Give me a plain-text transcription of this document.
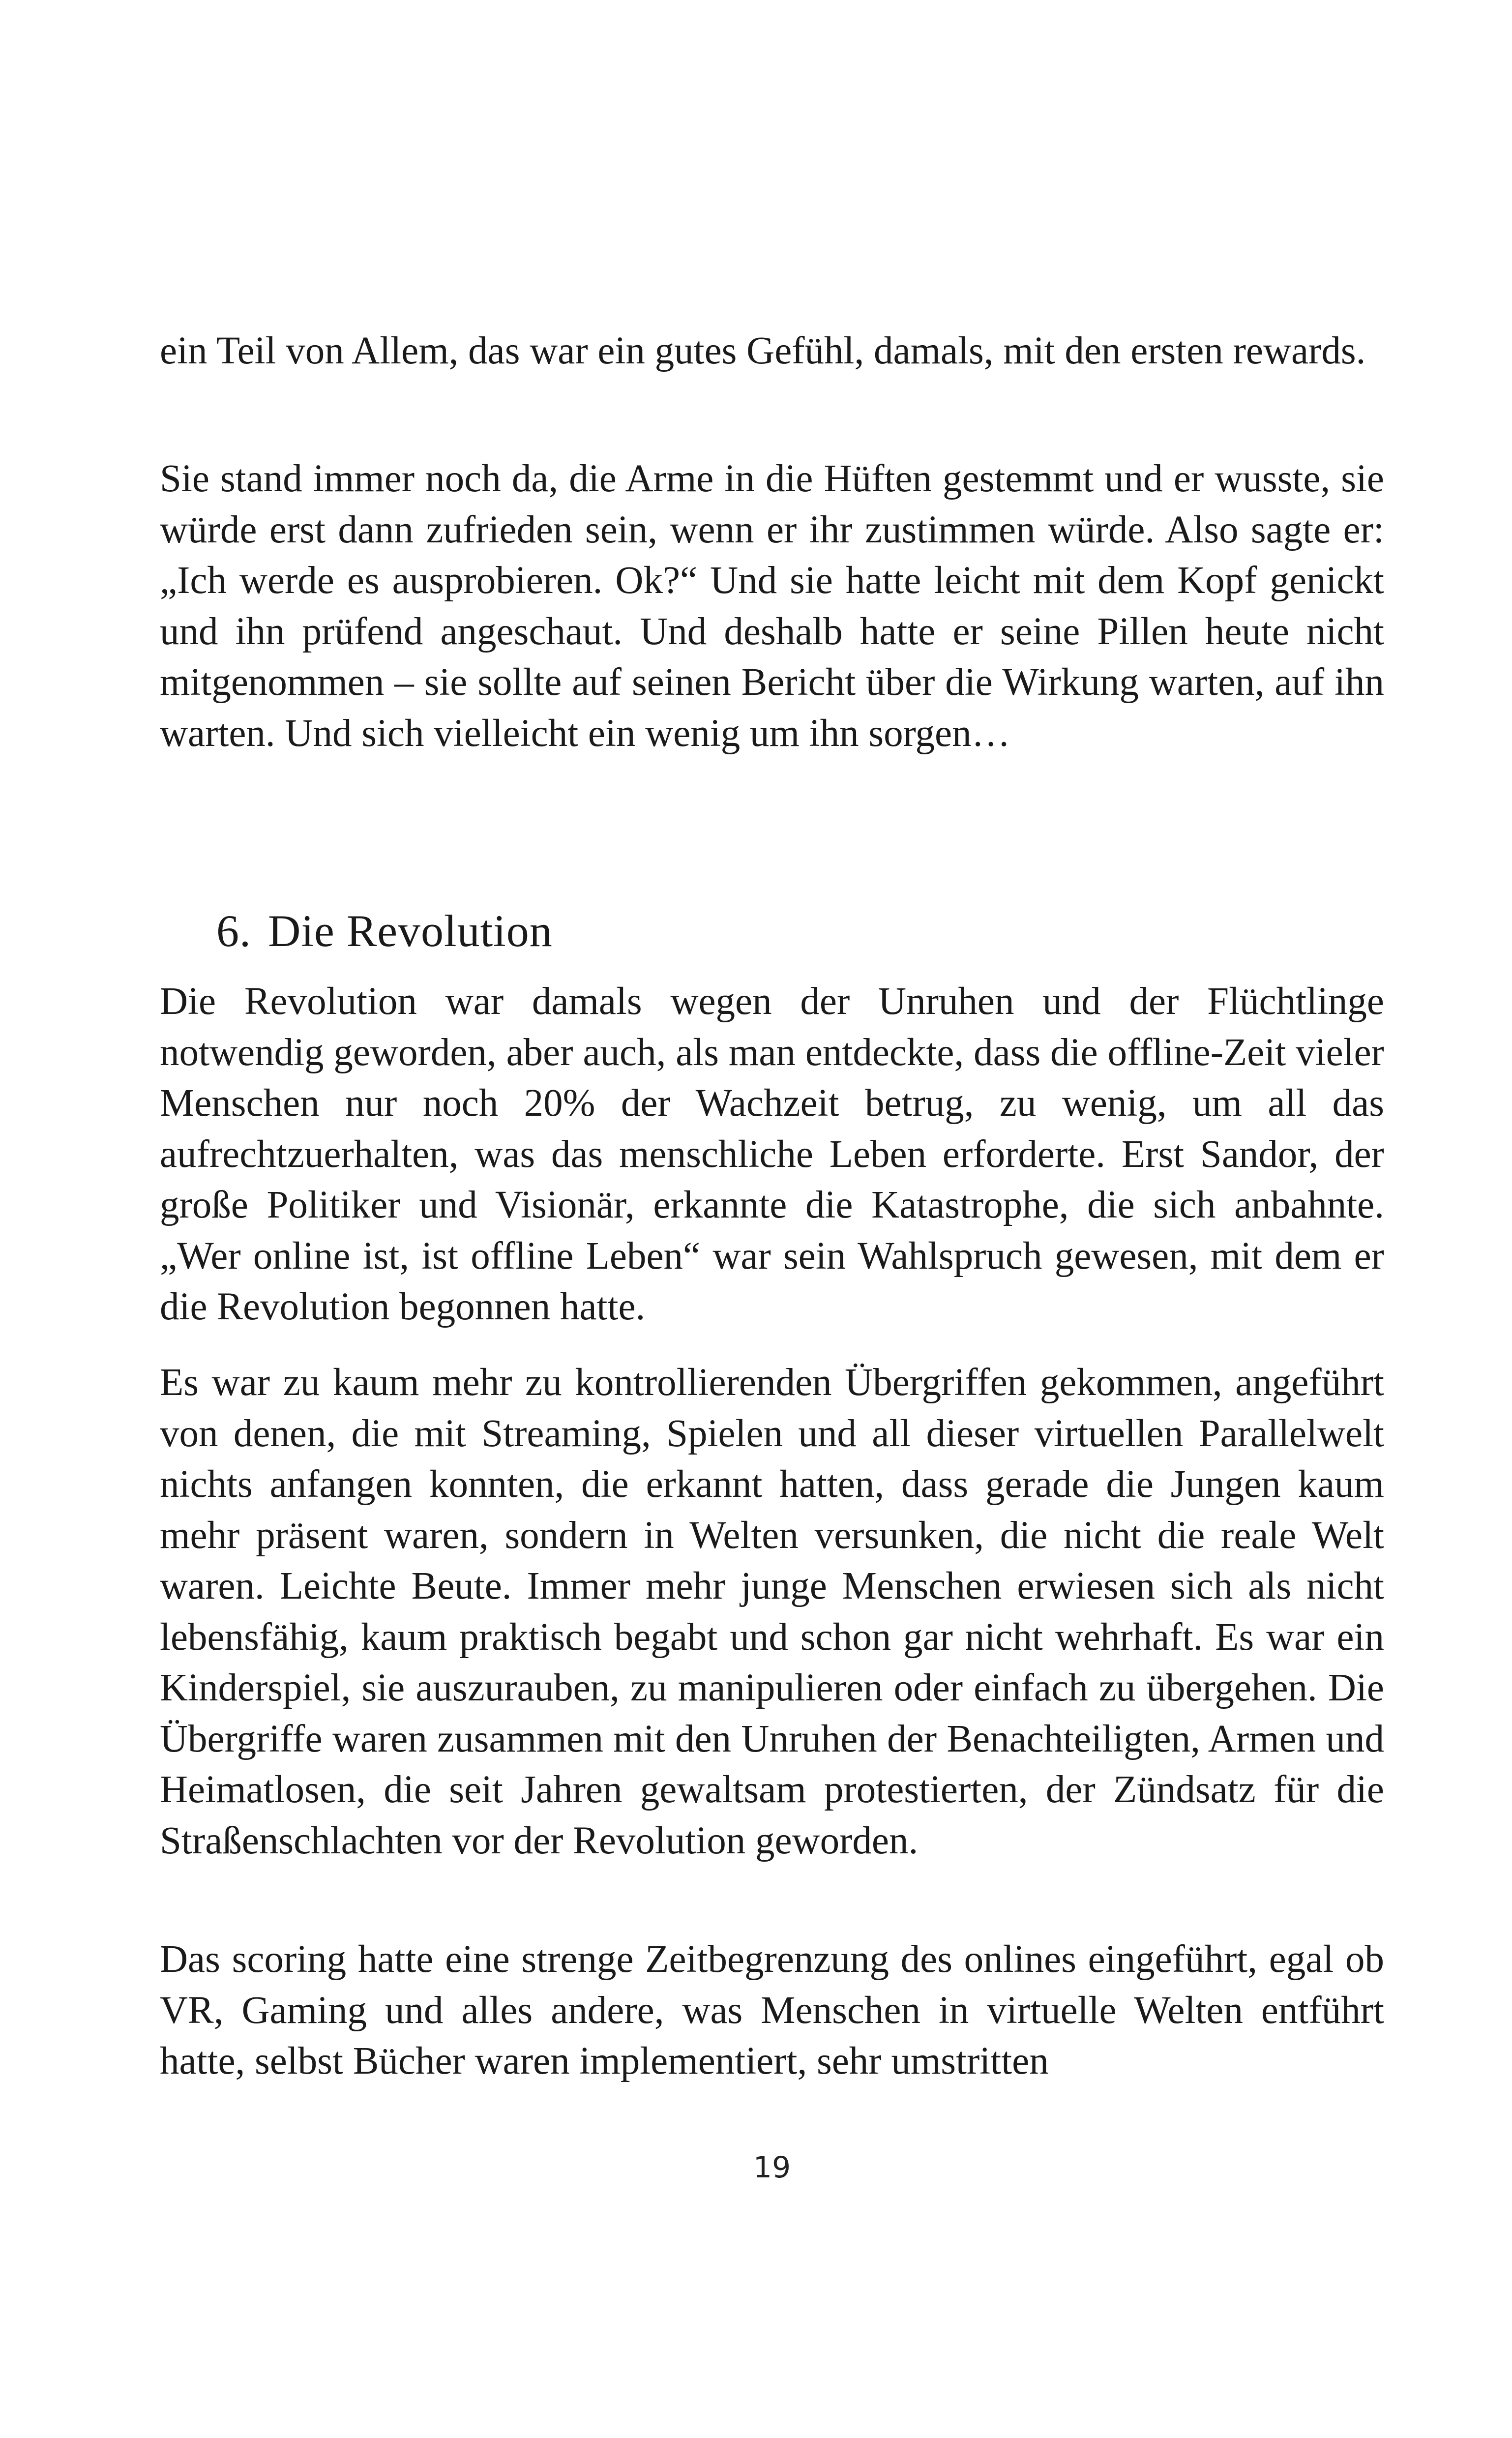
ein Teil von Allem, das war ein gutes Gefühl, damals, mit den ersten rewards.

Sie stand immer noch da, die Arme in die Hüften gestemmt und er wusste, sie würde erst dann zufrieden sein, wenn er ihr zustimmen würde. Also sagte er: „Ich werde es ausprobieren. Ok?“ Und sie hatte leicht mit dem Kopf genickt und ihn prüfend angeschaut. Und deshalb hatte er seine Pillen heute nicht mitgenommen – sie sollte auf seinen Bericht über die Wirkung warten, auf ihn warten. Und sich vielleicht ein wenig um ihn sorgen…

6. Die Revolution

Die Revolution war damals wegen der Unruhen und der Flüchtlinge notwendig geworden, aber auch, als man entdeckte, dass die offline-Zeit vieler Menschen nur noch 20% der Wachzeit betrug, zu wenig, um all das aufrechtzuerhalten, was das menschliche Leben erforderte. Erst Sandor, der große Politiker und Visionär, erkannte die Katastrophe, die sich anbahnte. „Wer online ist, ist offline Leben“ war sein Wahlspruch gewesen, mit dem er die Revolution begonnen hatte.

Es war zu kaum mehr zu kontrollierenden Übergriffen gekommen, angeführt von denen, die mit Streaming, Spielen und all dieser virtuellen Parallelwelt nichts anfangen konnten, die erkannt hatten, dass gerade die Jungen kaum mehr präsent waren, sondern in Welten versunken, die nicht die reale Welt waren. Leichte Beute. Immer mehr junge Menschen erwiesen sich als nicht lebensfähig, kaum praktisch begabt und schon gar nicht wehrhaft. Es war ein Kinderspiel, sie auszurauben, zu manipulieren oder einfach zu übergehen. Die Übergriffe waren zusammen mit den Unruhen der Benachteiligten, Armen und Heimatlosen, die seit Jahren gewaltsam protestierten, der Zündsatz für die Straßenschlachten vor der Revolution geworden.

Das scoring hatte eine strenge Zeitbegrenzung des onlines eingeführt, egal ob VR, Gaming und alles andere, was Menschen in virtuelle Welten entführt hatte, selbst Bücher waren implementiert, sehr umstritten

19
